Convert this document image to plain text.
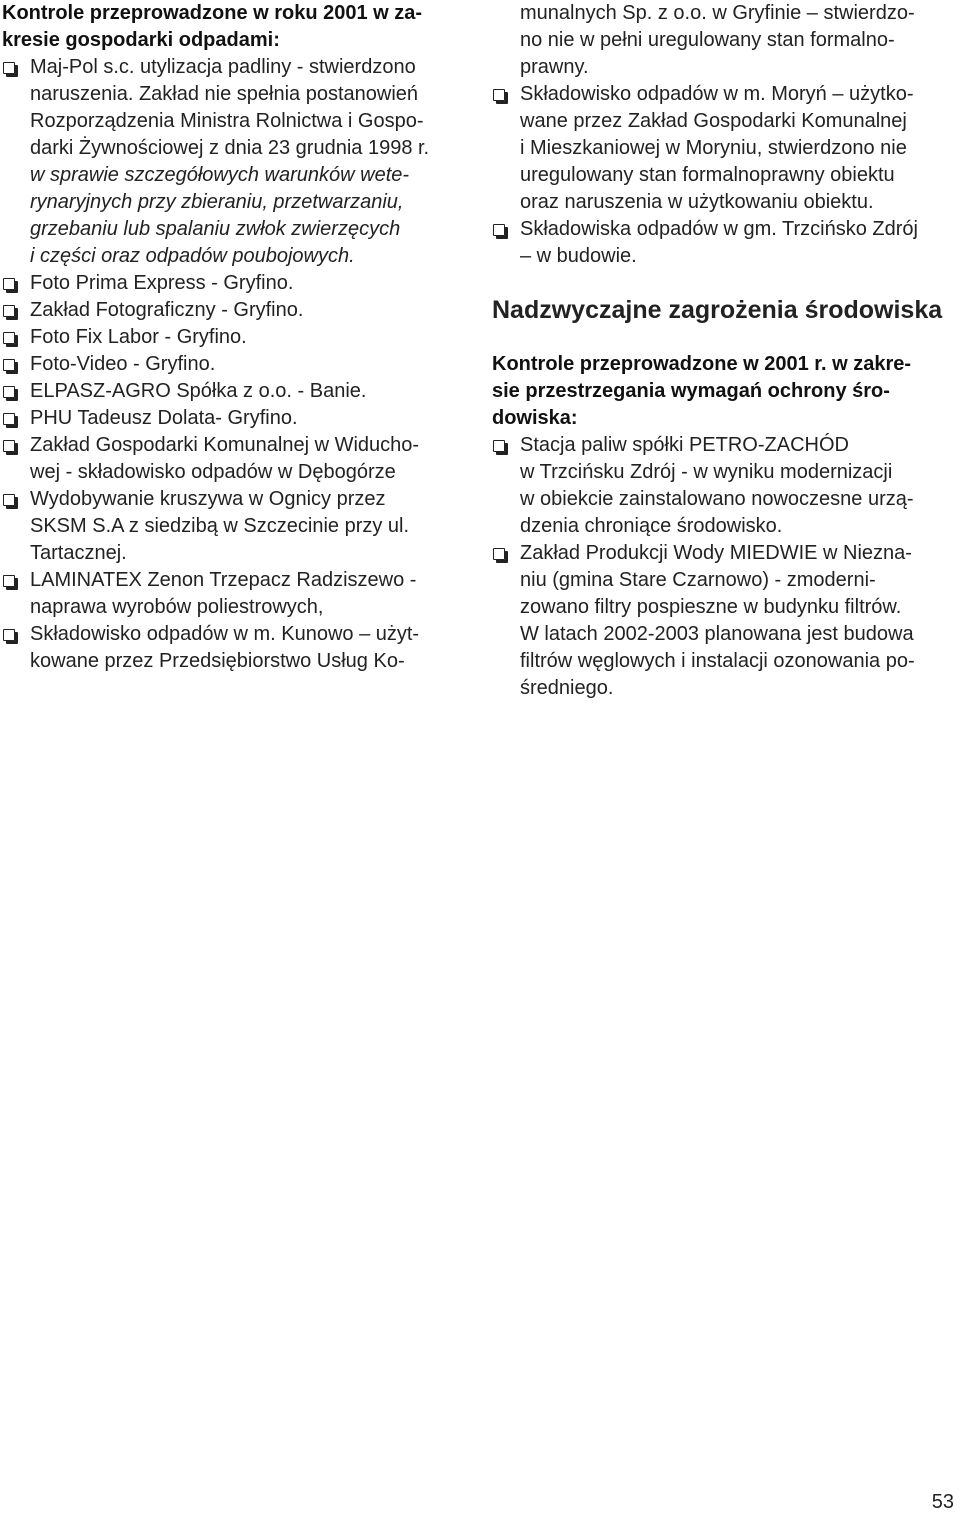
Kontrole przeprowadzone w roku 2001 w za-
kresie gospodarki odpadami:
Maj-Pol s.c. utylizacja padliny - stwierdzono
naruszenia. Zakład nie spełnia postanowień
Rozporządzenia Ministra Rolnictwa i Gospo-
darki Żywnościowej z dnia 23 grudnia 1998 r.
w sprawie szczegółowych warunków wete-
rynaryjnych przy zbieraniu, przetwarzaniu,
grzebaniu lub spalaniu zwłok zwierzęcych
i części oraz odpadów poubojowych.
Foto Prima Express - Gryfino.
Zakład Fotograficzny - Gryfino.
Foto Fix Labor - Gryfino.
Foto-Video - Gryfino.
ELPASZ-AGRO Spółka z o.o. - Banie.
PHU Tadeusz Dolata- Gryfino.
Zakład Gospodarki Komunalnej w Widucho-
wej - składowisko odpadów w Dębogórze
Wydobywanie kruszywa w Ognicy przez
SKSM S.A z siedzibą w Szczecinie przy ul.
Tartacznej.
LAMINATEX Zenon Trzepacz Radziszewo -
naprawa wyrobów poliestrowych,
Składowisko odpadów w m. Kunowo – użyt-
kowane przez Przedsiębiorstwo Usług Ko-
munalnych Sp. z o.o. w Gryfinie – stwierdzo-
no nie w pełni uregulowany stan formalno-
prawny.
Składowisko odpadów w m. Moryń – użytko-
wane przez Zakład Gospodarki Komunalnej
i Mieszkaniowej w Moryniu, stwierdzono nie
uregulowany stan formalnoprawny obiektu
oraz naruszenia w użytkowaniu obiektu.
Składowiska odpadów w gm. Trzcińsko Zdrój
– w budowie.
Nadzwyczajne zagrożenia środowiska
Kontrole przeprowadzone w 2001 r. w zakre-
sie przestrzegania wymagań ochrony śro-
dowiska:
Stacja paliw spółki PETRO-ZACHÓD
w Trzcińsku Zdrój - w wyniku modernizacji
w obiekcie zainstalowano nowoczesne urzą-
dzenia chroniące środowisko.
Zakład Produkcji Wody MIEDWIE w Niezna-
niu (gmina Stare Czarnowo) - zmoderni-
zowano filtry pospieszne w budynku filtrów.
W latach 2002-2003 planowana jest budowa
filtrów węglowych i instalacji ozonowania po-
średniego.
53
